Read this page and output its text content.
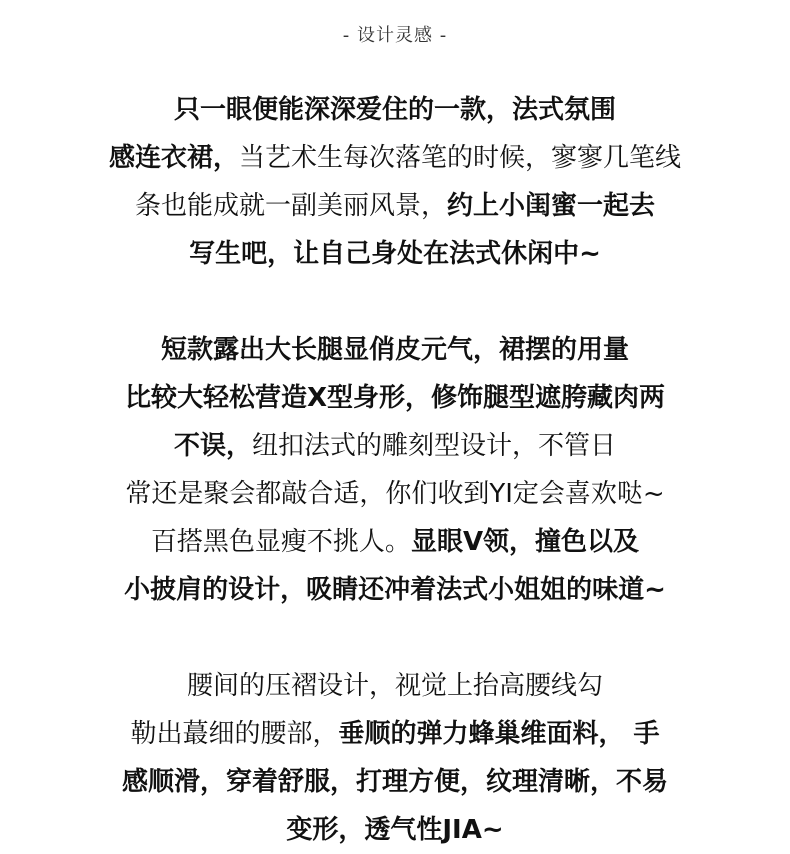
- 设计灵感 -
只一眼便能深深爱住的一款，法式氛围
感连衣裙，当艺术生每次落笔的时候，寥寥几笔线
条也能成就一副美丽风景，约上小闺蜜一起去
写生吧，让自己身处在法式休闲中~
短款露出大长腿显俏皮元气，裙摆的用量
比较大轻松营造X型身形，修饰腿型遮胯藏肉两
不误，纽扣法式的雕刻型设计，不管日
常还是聚会都敲合适，你们收到YI定会喜欢哒~
百搭黑色显瘦不挑人。显眼V领，撞色以及
小披肩的设计，吸睛还冲着法式小姐姐的味道~
腰间的压褶设计，视觉上抬高腰线勾
勒出蕞细的腰部，垂顺的弹力蜂巢维面料， 手
感顺滑，穿着舒服，打理方便，纹理清晰，不易
变形，透气性JIA~
